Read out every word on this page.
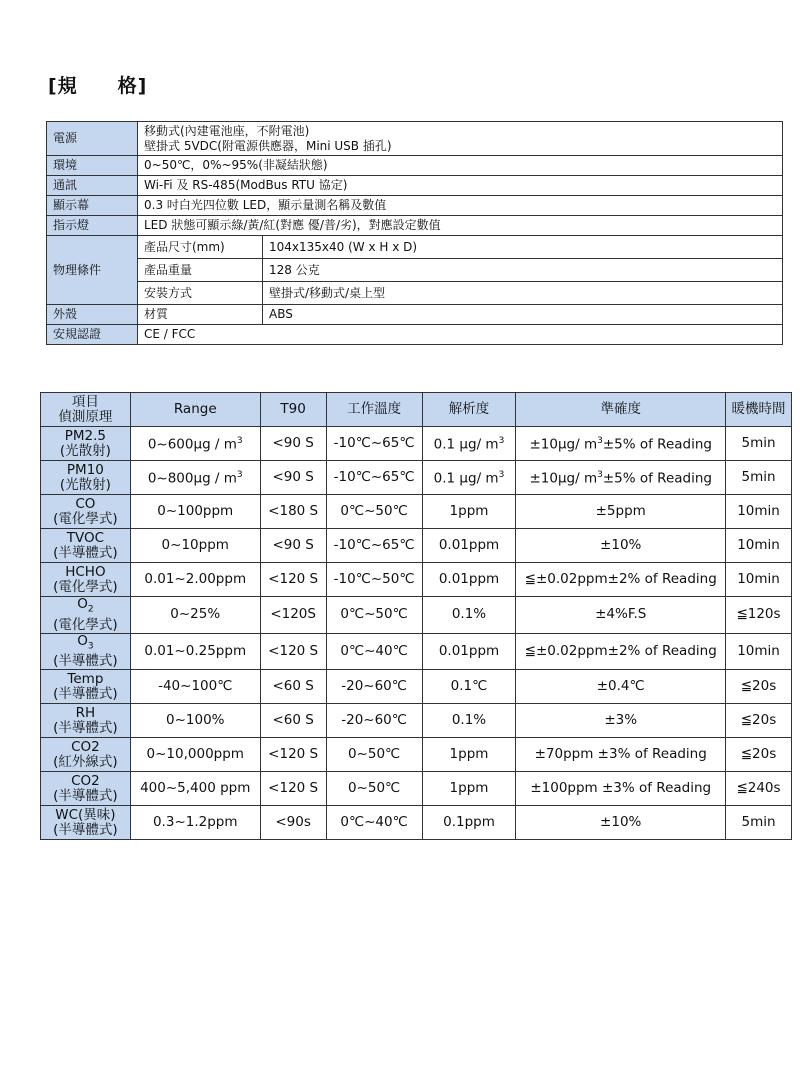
[規　　格]
電源	移動式(內建電池座，不附電池)
壁掛式 5VDC(附電源供應器，Mini USB 插孔)	

環境	0~50℃，0%~95%(非凝結狀態)	
通訊	Wi-Fi 及 RS-485(ModBus RTU 協定)	
顯示幕	0.3 吋白光四位數 LED，顯示量測名稱及數值	
指示燈	LED 狀態可顯示綠/黃/紅(對應 優/普/劣)，對應設定數值	
物理條件	產品尺寸(mm)	104x135x40 (W x H x D)
	產品重量	128 公克
	安裝方式	壁掛式/移動式/桌上型
外殼	材質	ABS
安規認證	CE / FCC	
項目
偵測原理	Range	T90	工作溫度	解析度	準確度	暖機時間

PM2.5
(光散射)	0~600μg / $m^3$	<90 S	-10℃~65℃	0.1 μg/ $m^3$	±10μg/ $m^3\pm 5\%$ of Reading	5min

PM10
(光散射)	0~800μg / $m^3$	<90 S	-10℃~65℃	0.1 μg/ $m^3$	±10μg/ $m^3\pm 5\%$ of Reading	5min

CO
(電化學式)	0~100ppm	<180 S	0℃~50℃	1ppm	±5ppm	10min

TVOC
(半導體式)	0~10ppm	<90 S	-10℃~65℃	0.01ppm	±10%	10min

HCHO
(電化學式)	0.01~2.00ppm	<120 S	-10℃~50℃	0.01ppm	≦±0.02ppm±2% of Reading	10min

$O_2$
(電化學式)	0~25%	<120S	0℃~50℃	0.1%	±4%F.S	≦120s

$O_3$
(半導體式)	0.01~0.25ppm	<120 S	0℃~40℃	0.01ppm	≦±0.02ppm±2% of Reading	10min

Temp
(半導體式)	-40~100℃	<60 S	-20~60℃	0.1℃	±0.4℃	≦20s

RH
(半導體式)	0~100%	<60 S	-20~60℃	0.1%	±3%	≦20s

CO2
(紅外線式)	0~10,000ppm	<120 S	0~50℃	1ppm	±70ppm ±3% of Reading	≦20s

CO2
(半導體式)	400~5,400 ppm	<120 S	0~50℃	1ppm	±100ppm ±3% of Reading	≦240s

WC(異味)
(半導體式)	0.3~1.2ppm	<90s	0℃~40℃	0.1ppm	±10%	5min
